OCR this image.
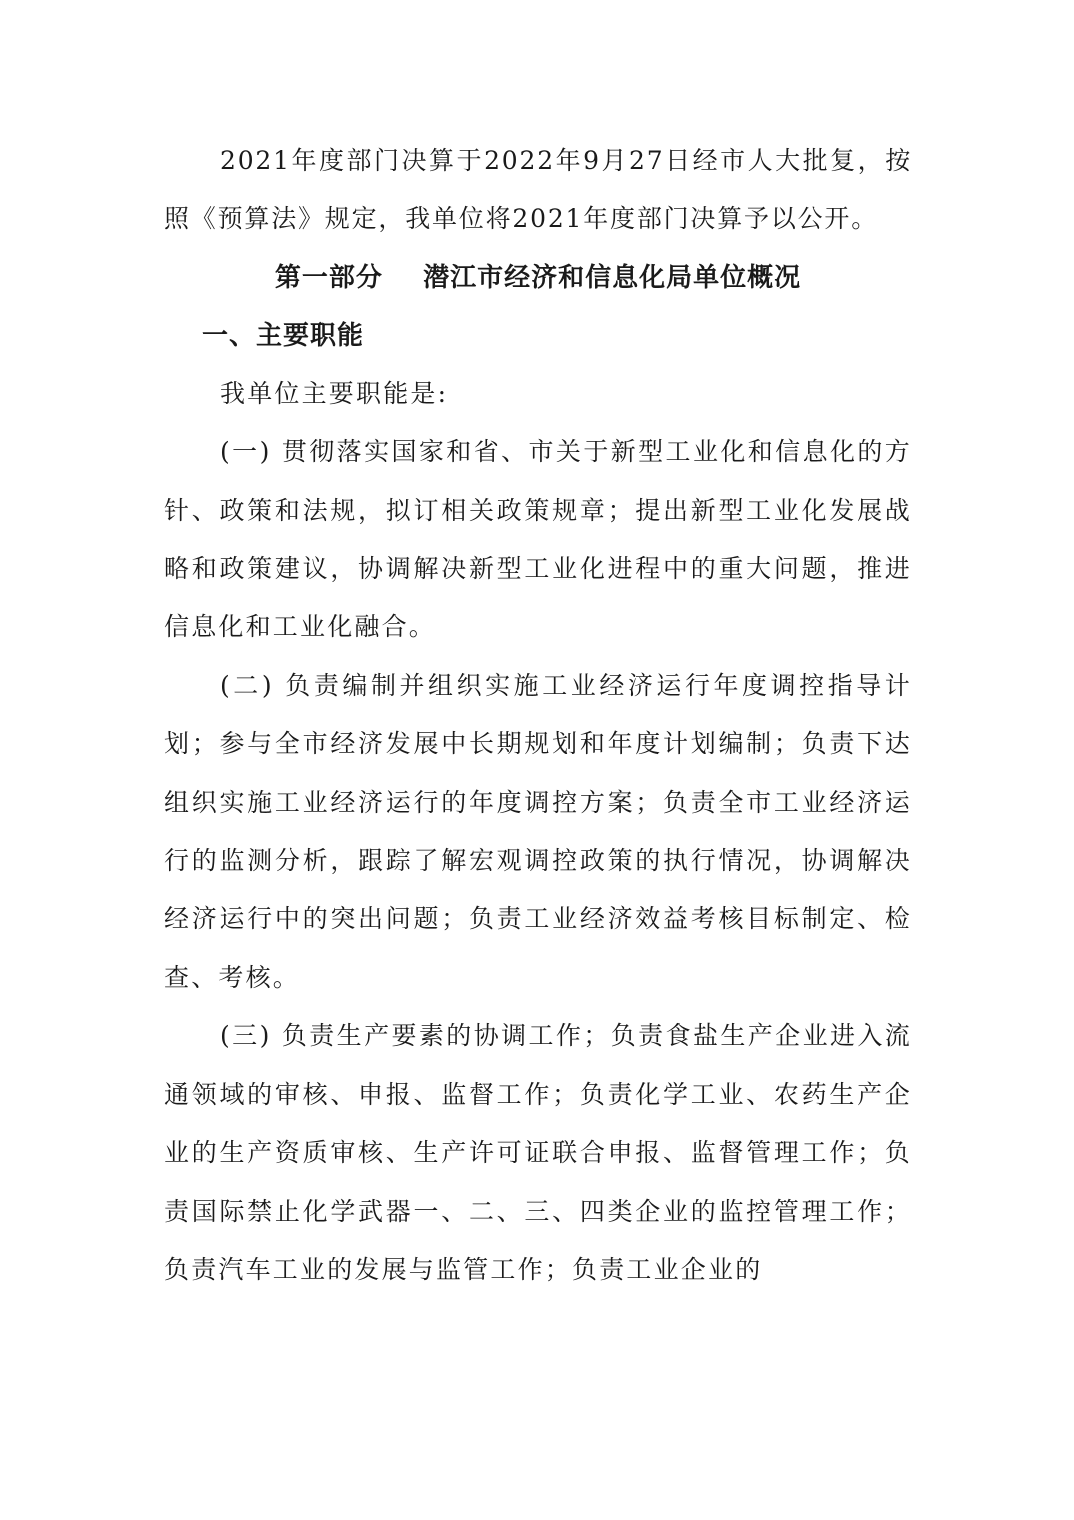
2021年度部门决算于2022年9月27日经市人大批复，按照《预算法》规定，我单位将2021年度部门决算予以公开。

第一部分    潜江市经济和信息化局单位概况

一、主要职能

我单位主要职能是:

(一) 贯彻落实国家和省、市关于新型工业化和信息化的方针、政策和法规，拟订相关政策规章；提出新型工业化发展战略和政策建议，协调解决新型工业化进程中的重大问题，推进信息化和工业化融合。

(二) 负责编制并组织实施工业经济运行年度调控指导计划；参与全市经济发展中长期规划和年度计划编制；负责下达组织实施工业经济运行的年度调控方案；负责全市工业经济运行的监测分析，跟踪了解宏观调控政策的执行情况，协调解决经济运行中的突出问题；负责工业经济效益考核目标制定、检查、考核。

(三) 负责生产要素的协调工作；负责食盐生产企业进入流通领域的审核、申报、监督工作；负责化学工业、农药生产企业的生产资质审核、生产许可证联合申报、监督管理工作；负责国际禁止化学武器一、二、三、四类企业的监控管理工作；负责汽车工业的发展与监管工作；负责工业企业的
